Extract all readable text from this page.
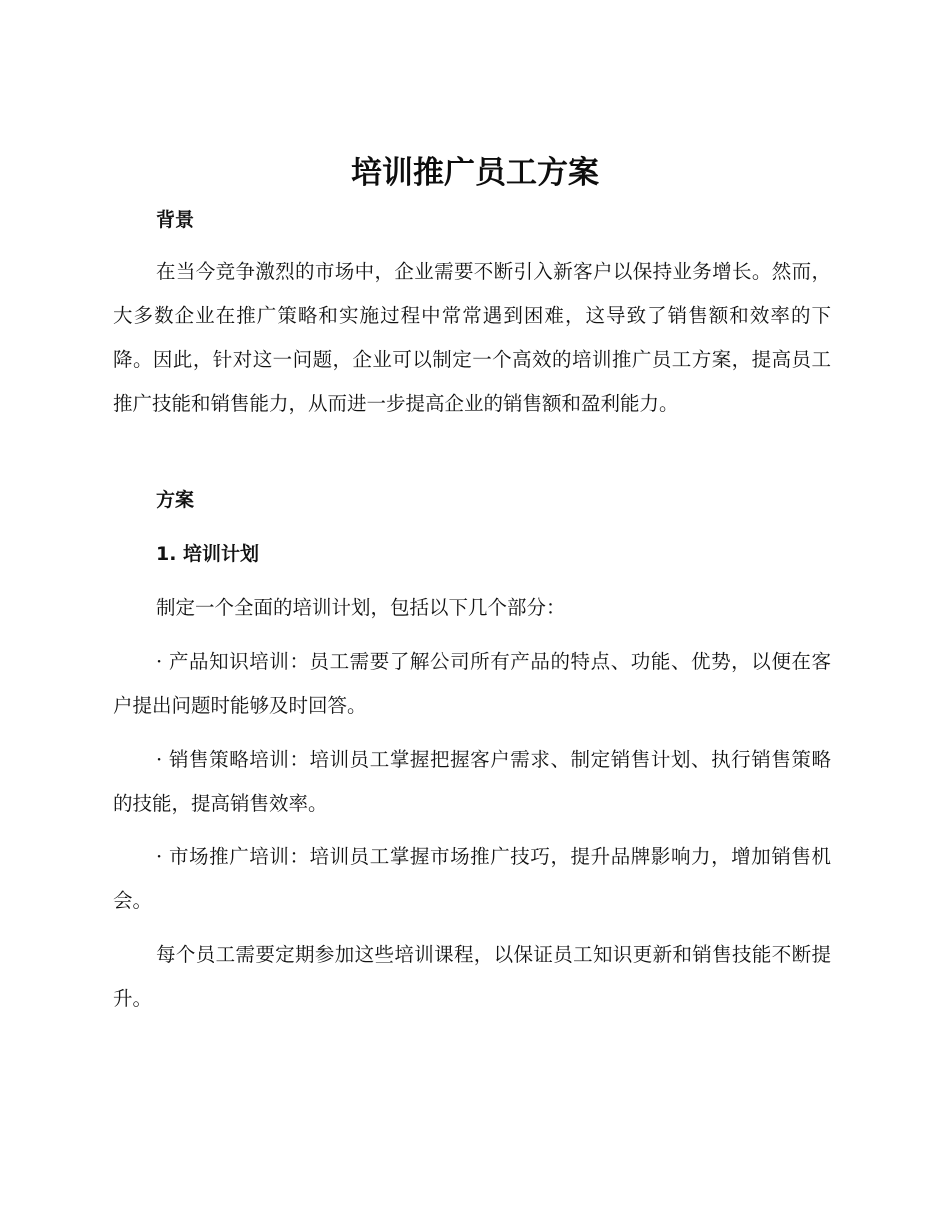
培训推广员工方案
背景

在当今竞争激烈的市场中，企业需要不断引入新客户以保持业务增长。然而，大多数企业在推广策略和实施过程中常常遇到困难，这导致了销售额和效率的下降。因此，针对这一问题，企业可以制定一个高效的培训推广员工方案，提高员工推广技能和销售能力，从而进一步提高企业的销售额和盈利能力。

方案
1. 培训计划

制定一个全面的培训计划，包括以下几个部分：

· 产品知识培训：员工需要了解公司所有产品的特点、功能、优势，以便在客户提出问题时能够及时回答。

· 销售策略培训：培训员工掌握把握客户需求、制定销售计划、执行销售策略的技能，提高销售效率。

· 市场推广培训：培训员工掌握市场推广技巧，提升品牌影响力，增加销售机会。

每个员工需要定期参加这些培训课程，以保证员工知识更新和销售技能不断提升。
